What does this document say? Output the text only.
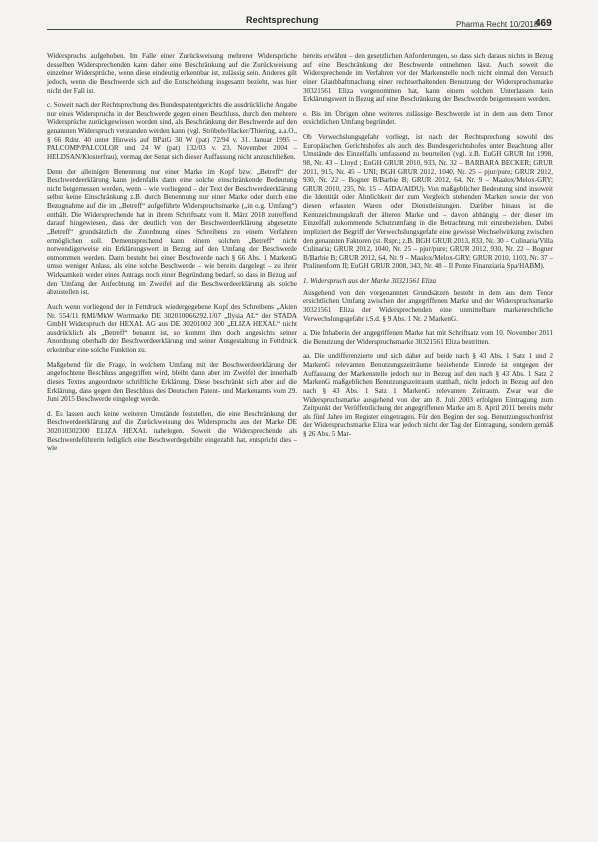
Rechtsprechung	Pharma Recht 10/2018
469

Widerspruchs aufgehoben. Im Falle einer Zurückweisung mehrerer Widersprüche desselben Widersprechenden kann daher eine Beschränkung auf die Zurückweisung einzelner Widersprüche, wenn diese eindeutig erkennbar ist, zulässig sein. Anderes gilt jedoch, wenn die Beschwerde sich auf die Entscheidung insgesamt bezieht, was hier nicht der Fall ist.

c. Soweit nach der Rechtsprechung des Bundespatentgerichts die ausdrückliche Angabe nur eines Widerspruchs in der Beschwerde gegen einen Beschluss, durch den mehrere Widersprüche zurückgewiesen worden sind, als Beschränkung der Beschwerde auf den genannten Widerspruch verstanden werden kann (vgl. Ströbele/Hacker/Thiering, a.a.O., § 66 Rdnr. 40 unter Hinweis auf BPatG 30 W (pat) 72/94 v. 31. Januar 1995 – PALCOMP/PALCOLOR und 24 W (pat) 132/03 v. 23. November 2004 – HELDSAN/Klosterfrau), vermag der Senat sich dieser Auffassung nicht anzuschließen.

Denn der alleinigen Benennung nur einer Marke im Kopf bzw. „Betreff“ der Beschwerdeerklärung kann jedenfalls dann eine solche einschränkende Bedeutung nicht beigemessen werden, wenn – wie vorliegend – der Text der Beschwerdeerklärung selbst keine Einschränkung z.B. durch Benennung nur einer Marke oder durch eine Bezugnahme auf die im „Betreff“ aufgeführte Widerspruchsmarke („in o.g. Umfang“) enthält. Die Widersprechende hat in ihrem Schriftsatz vom 8. März 2018 zutreffend darauf hingewiesen, dass der deutlich von der Beschwerdeerklärung abgesetzte „Betreff“ grundsätzlich die Zuordnung eines Schreibens zu einem Verfahren ermöglichen soll. Dementsprechend kann einem solchen „Betreff“ nicht notwendigerweise ein Erklärungswert in Bezug auf den Umfang der Beschwerde entnommen werden. Dann besteht bei einer Beschwerde nach § 66 Abs. 1 MarkenG umso weniger Anlass, als eine solche Beschwerde – wie bereits dargelegt – zu ihrer Wirksamkeit weder eines Antrags noch einer Begründung bedarf, so dass in Bezug auf den Umfang der Anfechtung im Zweifel auf die Beschwerdeerklärung als solche abzustellen ist.

Auch wenn vorliegend der in Fettdruck wiedergegebene Kopf des Schreibens „Akten Nr. 554/11 RMI/MkW Wortmarke DE 302010066292.1/07 „Ilysia AL“ der STADA GmbH Widerspruch der HEXAL AG aus DE 30201002 300 „ELIZA HEXAL“ nicht ausdrücklich als „Betreff“ benannt ist, so kommt ihm doch angesichts seiner Anordnung oberhalb der Beschwerdeerklärung und seiner Ausgestaltung in Fettdruck erkennbar eine solche Funktion zu.

Maßgebend für die Frage, in welchem Umfang mit der Beschwerdeerklärung der angefochtene Beschluss angegriffen wird, bleibt dann aber im Zweifel der innerhalb dieses Textes angeordnete schriftliche Erklärung. Diese beschränkt sich aber auf die Erklärung, dass gegen den Beschluss des Deutschen Patent- und Markenamts vom 29. Juni 2015 Beschwerde eingelegt werde.

d. Es lassen auch keine weiteren Umstände feststellen, die eine Beschränkung der Beschwerdeerklärung auf die Zurückweisung des Widerspruchs aus der Marke DE 302010302300 ELIZA HEXAL nahelegen. Soweit die Widersprechende als Beschwerdeführerin lediglich eine Beschwerdegebühr eingezahlt hat, entspricht dies – wie

bereits erwähnt – den gesetzlichen Anforderungen, so dass sich daraus nichts in Bezug auf eine Beschränkung der Beschwerde entnehmen lässt. Auch soweit die Widersprechende im Verfahren vor der Markenstelle noch nicht einmal den Versuch einer Glaubhaftmachung einer rechtserhaltenden Benutzung der Widerspruchsmarke 30321561 Eliza vorgenommen hat, kann einem solchen Unterlassen kein Erklärungswert in Bezug auf eine Beschränkung der Beschwerde beigemessen werden.

e. Bis im Übrigen ohne weiteres zulässige Beschwerde ist in dem aus dem Tenor ersichtlichen Umfang begründet.

Ob Verwechslungsgefahr vorliegt, ist nach der Rechtsprechung sowohl des Europäischen Gerichtshofes als auch des Bundesgerichtshofes unter Beachtung aller Umstände des Einzelfalls umfassend zu beurteilen (vgl. z.B. EuGH GRUR Int 1998, 98, Nr. 43 – Lloyd ; EuGH GRUR 2010, 933, Nr. 32 – BARBARA BECKER; GRUR 2011, 915, Nr. 45 – UNI; BGH GRUR 2012, 1040, Nr. 25 – pjur/pure; GRUR 2012, 930, Nr. 22 – Bogner B/Barbie B; GRUR 2012, 64, Nr. 9 – Maalox/Melox-GRY; GRUR 2010, 235, Nr. 15 – AIDA/AIDU). Von maßgeblicher Bedeutung sind insoweit die Identität oder Ähnlichkeit der zum Vergleich stehenden Marken sowie der von diesen erfassten Waren oder Dienstleistungen. Darüber hinaus ist die Kennzeichnungskraft der älteren Marke und – davon abhängig – der dieser im Einzelfall zukommende Schutzumfang in die Betrachtung mit einzubeziehen. Dabei impliziert der Begriff der Verwechslungsgefahr eine gewisse Wechselwirkung zwischen den genannten Faktoren (st. Rspr.; z.B. BGH GRUR 2013, 833, Nr. 30 – Culinaria/Villa Culinaria; GRUR 2012, 1040, Nr. 25 – pjur/pure; GRUR 2012, 930, Nr. 22 – Bogner B/Barbie B; GRUR 2012, 64, Nr. 9 – Maalox/Melox-GRY; GRUR 2010, 1103, Nr. 37 – Pralinenform II; EuGH GRUR 2008, 343, Nr. 48 – Il Ponte Finanziaria Spa/HABM).

1. Widerspruch aus der Marke 30321561 Eliza

Ausgehend von den vorgenannten Grundsätzen besteht in dem aus dem Tenor ersichtlichen Umfang zwischen der angegriffenen Marke und der Widerspruchsmarke 30321561 Eliza der Widersprechenden eine unmittelbare markenrechtliche Verwechslungsgefahr i.S.d. § 9 Abs. 1 Nr. 2 MarkenG.

a. Die Inhaberin der angegriffenen Marke hat mit Schriftsatz vom 10. November 2011 die Benutzung der Widerspruchsmarke 30321561 Eliza bestritten.

aa. Die undifferenzierte und sich daher auf beide nach § 43 Abs. 1 Satz 1 und 2 MarkenG relevanten Benutzungszeiträume beziehende Einrede ist entgegen der Auffassung der Markenstelle jedoch nur in Bezug auf den nach § 43 Abs. 1 Satz 2 MarkenG maßgeblichen Benutzungszeitraum statthaft, nicht jedoch in Bezug auf den nach § 43 Abs. 1 Satz 1 MarkenG relevanten Zeitraum. Zwar war die Widerspruchsmarke ausgehend von der am 8. Juli 2003 erfolgten Eintragung zum Zeitpunkt der Veröffentlichung der angegriffenen Marke am 8. April 2011 bereits mehr als fünf Jahre im Register eingetragen. Für den Beginn der sog. Benutzungsschonfrist der Widerspruchsmarke Eliza war jedoch nicht der Tag der Eintragung, sondern gemäß § 26 Abs. 5 Mar-
